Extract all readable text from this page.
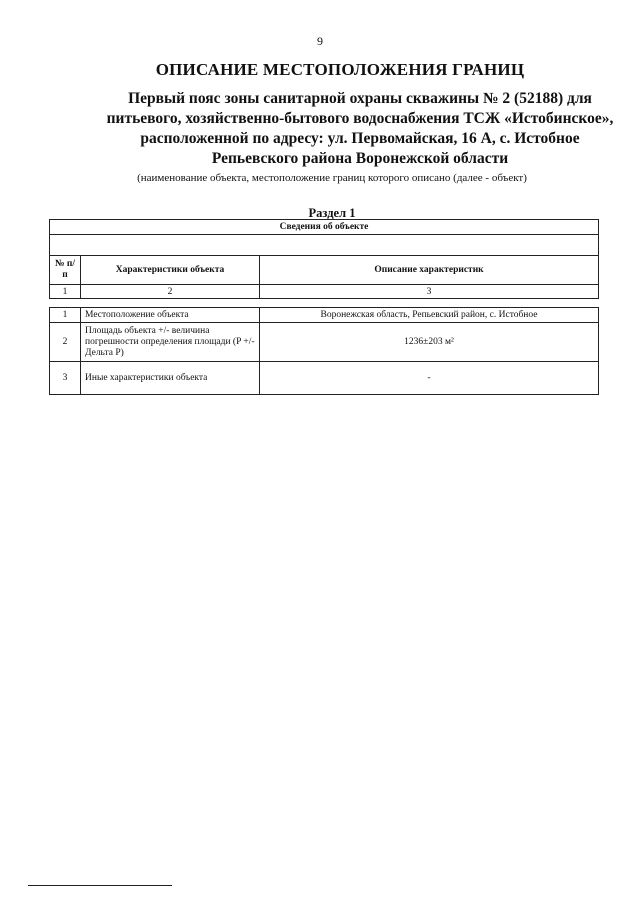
9
ОПИСАНИЕ МЕСТОПОЛОЖЕНИЯ ГРАНИЦ
Первый пояс зоны санитарной охраны скважины № 2 (52188) для
питьевого, хозяйственно-бытового водоснабжения ТСЖ «Истобинское»,
расположенной по адресу: ул. Первомайская, 16 А, с. Истобное
Репьевского района Воронежской области
(наименование объекта, местоположение границ которого описано (далее - объект)
Раздел 1
Сведения об объекте		

№ п/п	Характеристики объекта	Описание характеристик
1	2	3
1	Местоположение объекта	Воронежская область, Репьевский район, с. Истобное
2	Площадь объекта +/- величина погрешности определения площади (P +/- Дельта P)	1236±203 м²
3	Иные характеристики объекта	-
